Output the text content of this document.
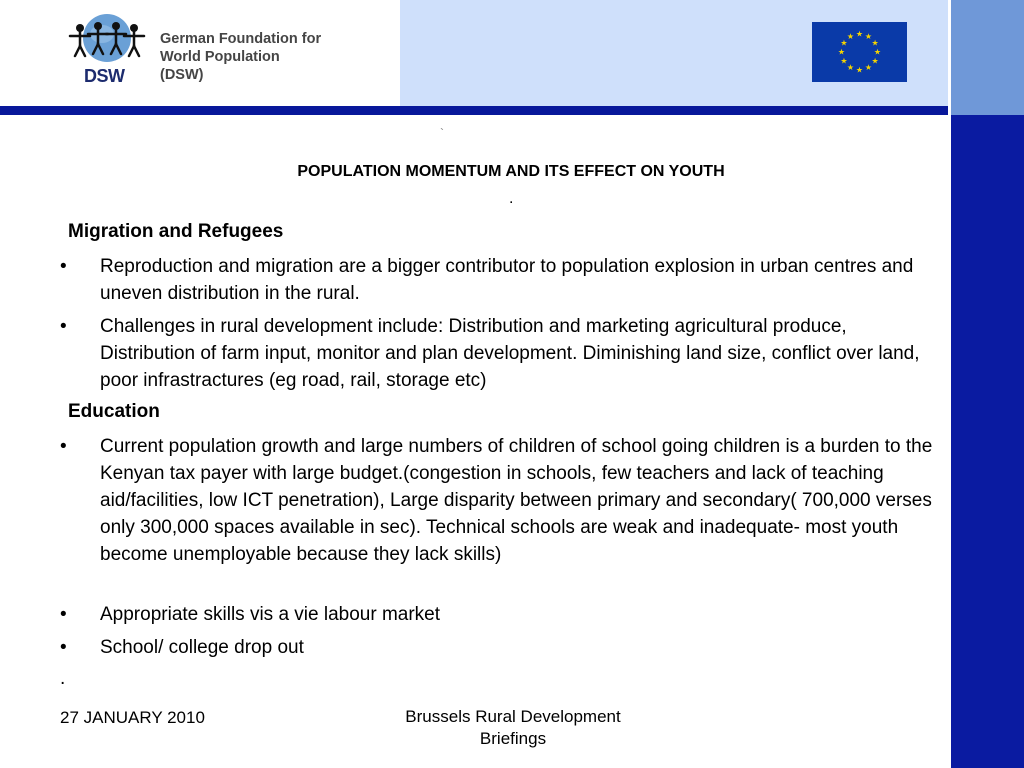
DSW
German Foundation for
World Population (DSW)
★ ★
★
★
★
★
★
★
★
★
★
★
`
POPULATION MOMENTUM AND ITS EFFECT ON YOUTH
.
Migration and Refugees
•	Reproduction and migration are a bigger contributor to population explosion in urban centres and uneven distribution in the rural.
•	Challenges in rural development include: Distribution and marketing agricultural produce, Distribution of farm input, monitor and plan development. Diminishing land size, conflict over land, poor infrastractures (eg road, rail, storage etc)
Education
•	Current population growth and large numbers of children of school going children is a burden to the Kenyan tax payer with large budget.(congestion in schools, few teachers and lack of teaching aid/facilities, low ICT penetration), Large disparity between primary and secondary( 700,000 verses only 300,000 spaces available in sec). Technical schools are weak and inadequate- most youth become unemployable because they lack skills)
•	Appropriate skills vis a vie labour market
•	School/ college drop out
.
27 JANUARY 2010	Brussels Rural Development
Briefings
